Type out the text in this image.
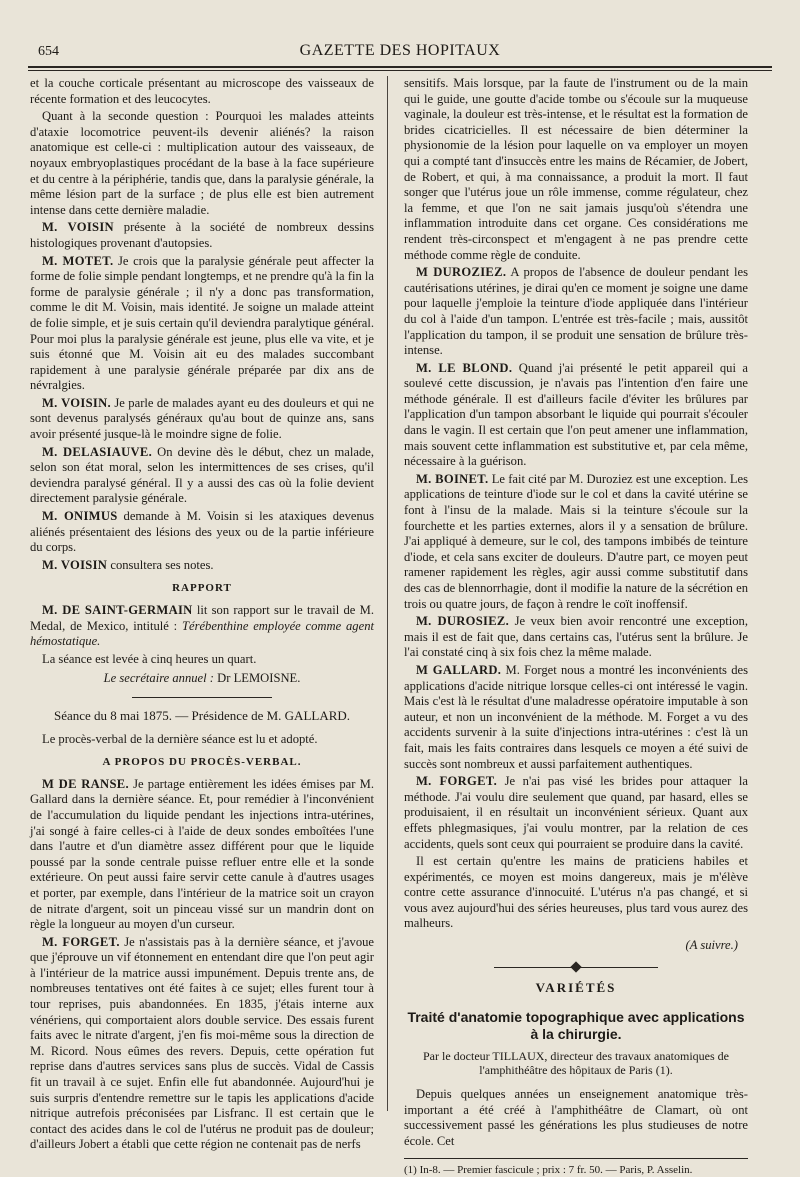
654	GAZETTE DES HOPITAUX

et la couche corticale présentant au microscope des vaisseaux de récente formation et des leucocytes.

Quant à la seconde question : Pourquoi les malades atteints d'ataxie locomotrice peuvent-ils devenir aliénés? la raison anatomique est celle-ci : multiplication autour des vaisseaux, de noyaux embryoplastiques procédant de la base à la face supérieure et du centre à la périphérie, tandis que, dans la paralysie générale, la même lésion part de la surface ; de plus elle est bien autrement intense dans cette dernière maladie.

M. VOISIN présente à la société de nombreux dessins histologiques provenant d'autopsies.

M. MOTET. Je crois que la paralysie générale peut affecter la forme de folie simple pendant longtemps, et ne prendre qu'à la fin la forme de paralysie générale ; il n'y a donc pas transformation, comme le dit M. Voisin, mais identité. Je soigne un malade atteint de folie simple, et je suis certain qu'il deviendra paralytique général. Pour moi plus la paralysie générale est jeune, plus elle va vite, et je suis étonné que M. Voisin ait eu des malades succombant rapidement à une paralysie générale préparée par dix ans de névralgies.

M. VOISIN. Je parle de malades ayant eu des douleurs et qui ne sont devenus paralysés généraux qu'au bout de quinze ans, sans avoir présenté jusque-là le moindre signe de folie.

M. DELASIAUVE. On devine dès le début, chez un malade, selon son état moral, selon les intermittences de ses crises, qu'il deviendra paralysé général. Il y a aussi des cas où la folie devient directement paralysie générale.

M. ONIMUS demande à M. Voisin si les ataxiques devenus aliénés présentaient des lésions des yeux ou de la partie inférieure du corps.

M. VOISIN consultera ses notes.

RAPPORT

M. DE SAINT-GERMAIN lit son rapport sur le travail de M. Medal, de Mexico, intitulé : Térébenthine employée comme agent hémostatique.

La séance est levée à cinq heures un quart.

Le secrétaire annuel : Dr LEMOISNE.
Séance du 8 mai 1875. — Présidence de M. GALLARD.

Le procès-verbal de la dernière séance est lu et adopté.

A PROPOS DU PROCÈS-VERBAL.

M DE RANSE. Je partage entièrement les idées émises par M. Gallard dans la dernière séance. Et, pour remédier à l'inconvénient de l'accumulation du liquide pendant les injections intra-utérines, j'ai songé à faire celles-ci à l'aide de deux sondes emboîtées l'une dans l'autre et d'un diamètre assez différent pour que le liquide poussé par la sonde centrale puisse refluer entre elle et la sonde extérieure. On peut aussi faire servir cette canule à d'autres usages et porter, par exemple, dans l'intérieur de la matrice soit un crayon de nitrate d'argent, soit un pinceau vissé sur un mandrin dont on règle la longueur au moyen d'un curseur.

M. FORGET. Je n'assistais pas à la dernière séance, et j'avoue que j'éprouve un vif étonnement en entendant dire que l'on peut agir à l'intérieur de la matrice aussi impunément. Depuis trente ans, de nombreuses tentatives ont été faites à ce sujet; elles furent tour à tour reprises, puis abandonnées. En 1835, j'étais interne aux vénériens, qui comportaient alors double service. Des essais furent faits avec le nitrate d'argent, j'en fis moi-même sous la direction de M. Ricord. Nous eûmes des revers. Depuis, cette opération fut reprise dans d'autres services sans plus de succès. Vidal de Cassis fit un travail à ce sujet. Enfin elle fut abandonnée. Aujourd'hui je suis surpris d'entendre remettre sur le tapis les applications d'acide nitrique autrefois préconisées par Lisfranc. Il est certain que le contact des acides dans le col de l'utérus ne produit pas de douleur; d'ailleurs Jobert a établi que cette région ne contenait pas de nerfs

sensitifs. Mais lorsque, par la faute de l'instrument ou de la main qui le guide, une goutte d'acide tombe ou s'écoule sur la muqueuse vaginale, la douleur est très-intense, et le résultat est la formation de brides cicatricielles. Il est nécessaire de bien déterminer la physionomie de la lésion pour laquelle on va employer un moyen qui a compté tant d'insuccès entre les mains de Récamier, de Jobert, de Robert, et qui, à ma connaissance, a produit la mort. Il faut songer que l'utérus joue un rôle immense, comme régulateur, chez la femme, et que l'on ne sait jamais jusqu'où s'étendra une inflammation introduite dans cet organe. Ces considérations me rendent très-circonspect et m'engagent à ne pas prendre cette méthode comme règle de conduite.

M DUROZIEZ. A propos de l'absence de douleur pendant les cautérisations utérines, je dirai qu'en ce moment je soigne une dame pour laquelle j'emploie la teinture d'iode appliquée dans l'intérieur du col à l'aide d'un tampon. L'entrée est très-facile ; mais, aussitôt l'application du tampon, il se produit une sensation de brûlure très-intense.

M. LE BLOND. Quand j'ai présenté le petit appareil qui a soulevé cette discussion, je n'avais pas l'intention d'en faire une méthode générale. Il est d'ailleurs facile d'éviter les brûlures par l'application d'un tampon absorbant le liquide qui pourrait s'écouler dans le vagin. Il est certain que l'on peut amener une inflammation, mais souvent cette inflammation est substitutive et, par cela même, nécessaire à la guérison.

M. BOINET. Le fait cité par M. Duroziez est une exception. Les applications de teinture d'iode sur le col et dans la cavité utérine se font à l'insu de la malade. Mais si la teinture s'écoule sur la fourchette et les parties externes, alors il y a sensation de brûlure. J'ai appliqué à demeure, sur le col, des tampons imbibés de teinture d'iode, et cela sans exciter de douleurs. D'autre part, ce moyen peut ramener rapidement les règles, agir aussi comme substitutif dans des cas de blennorrhagie, dont il modifie la nature de la sécrétion en trois ou quatre jours, de façon à rendre le coït inoffensif.

M. DUROSIEZ. Je veux bien avoir rencontré une exception, mais il est de fait que, dans certains cas, l'utérus sent la brûlure. Je l'ai constaté cinq à six fois chez la même malade.

M GALLARD. M. Forget nous a montré les inconvénients des applications d'acide nitrique lorsque celles-ci ont intéressé le vagin. Mais c'est là le résultat d'une maladresse opératoire imputable à son auteur, et non un inconvénient de la méthode. M. Forget a vu des accidents survenir à la suite d'injections intra-utérines : c'est là un fait, mais les faits contraires dans lesquels ce moyen a été suivi de succès sont nombreux et aussi parfaitement authentiques.

M. FORGET. Je n'ai pas visé les brides pour attaquer la méthode. J'ai voulu dire seulement que quand, par hasard, elles se produisaient, il en résultait un inconvénient sérieux. Quant aux effets phlegmasiques, j'ai voulu montrer, par la relation de ces accidents, quels sont ceux qui pourraient se produire dans la cavité.

Il est certain qu'entre les mains de praticiens habiles et expérimentés, ce moyen est moins dangereux, mais je m'élève contre cette assurance d'innocuité. L'utérus n'a pas changé, et si vous avez aujourd'hui des séries heureuses, plus tard vous aurez des malheurs.

(A suivre.)
VARIÉTÉS
Traité d'anatomie topographique avec applications à la chirurgie.
Par le docteur TILLAUX, directeur des travaux anatomiques de l'amphithéâtre des hôpitaux de Paris (1).

Depuis quelques années un enseignement anatomique très-important a été créé à l'amphithéâtre de Clamart, où ont successivement passé les générations les plus studieuses de notre école. Cet

(1) In-8. — Premier fascicule ; prix : 7 fr. 50. — Paris, P. Asselin.
